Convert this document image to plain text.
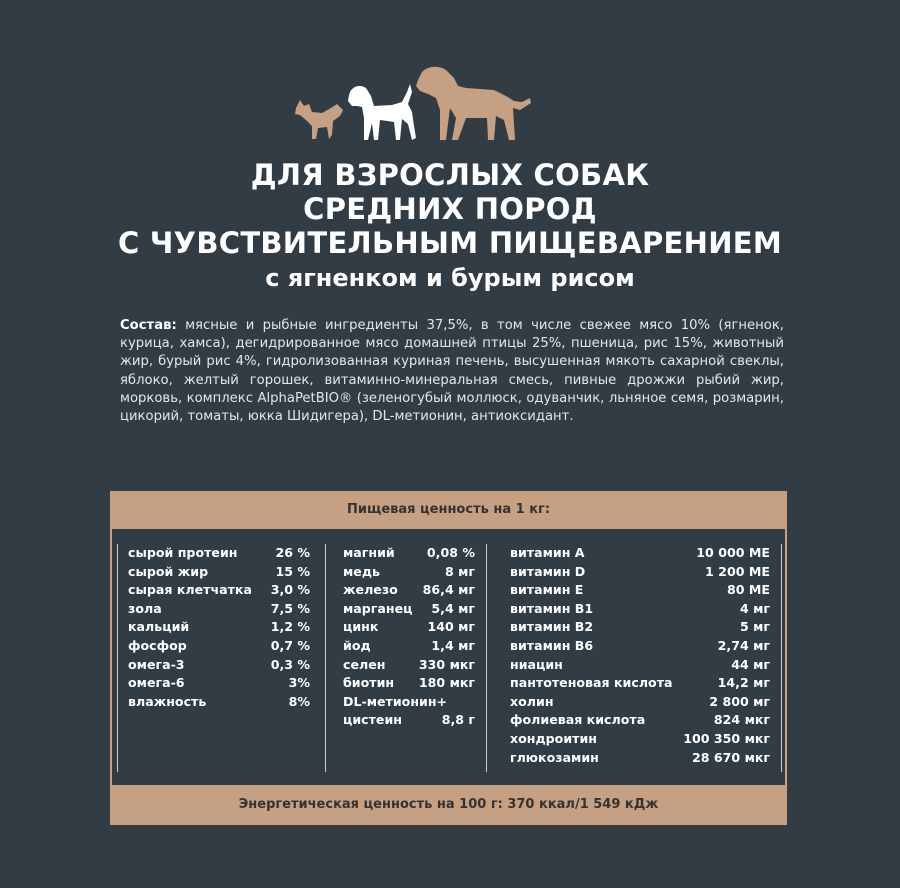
ДЛЯ ВЗРОСЛЫХ СОБАК
СРЕДНИХ ПОРОД
С ЧУВСТВИТЕЛЬНЫМ ПИЩЕВАРЕНИЕМ
с ягненком и бурым рисом
Состав: мясные и рыбные ингредиенты 37,5%, в том числе свежее мясо 10% (ягненок, курица, хамса), дегидрированное мясо домашней птицы 25%, пшеница, рис 15%, животный жир, бурый рис 4%, гидролизованная куриная печень, высушенная мякоть сахарной свеклы, яблоко, желтый горошек, витаминно-минеральная смесь, пивные дрожжи рыбий жир, морковь, комплекс AlphaPetBIO® (зеленогубый моллюск, одуванчик, льняное семя, розмарин, цикорий, томаты, юкка Шидигера), DL-метионин, антиоксидант.
Пищевая ценность на 1 кг:
сырой протеин	26 %
сырой жир	15 %
сырая клетчатка 3,0 %
зола	7,5 %
кальций	1,2 %
фосфор	0,7 %
омега-3	0,3 %
омега-6	3%
влажность	8%
магний	0,08 %
медь	8 мг
железо 86,4 мг
марганец 5,4 мг
цинк	140 мг
йод	1,4 мг
селен	330 мкг
биотин 180 мкг
DL-метионин+
цистеин	8,8 г
витамин А	10 000 МЕ
витамин D	1 200 МЕ
витамин Е	80 МЕ
витамин В1	4 мг
витамин В2	5 мг
витамин В6	2,74 мг
ниацин	44 мг
пантотеновая кислота	14,2 мг
холин	2 800 мг
фолиевая кислота	824 мкг
хондроитин	100 350 мкг
глюкозамин	28 670 мкг
Энергетическая ценность на 100 г: 370 ккал/1 549 кДж
